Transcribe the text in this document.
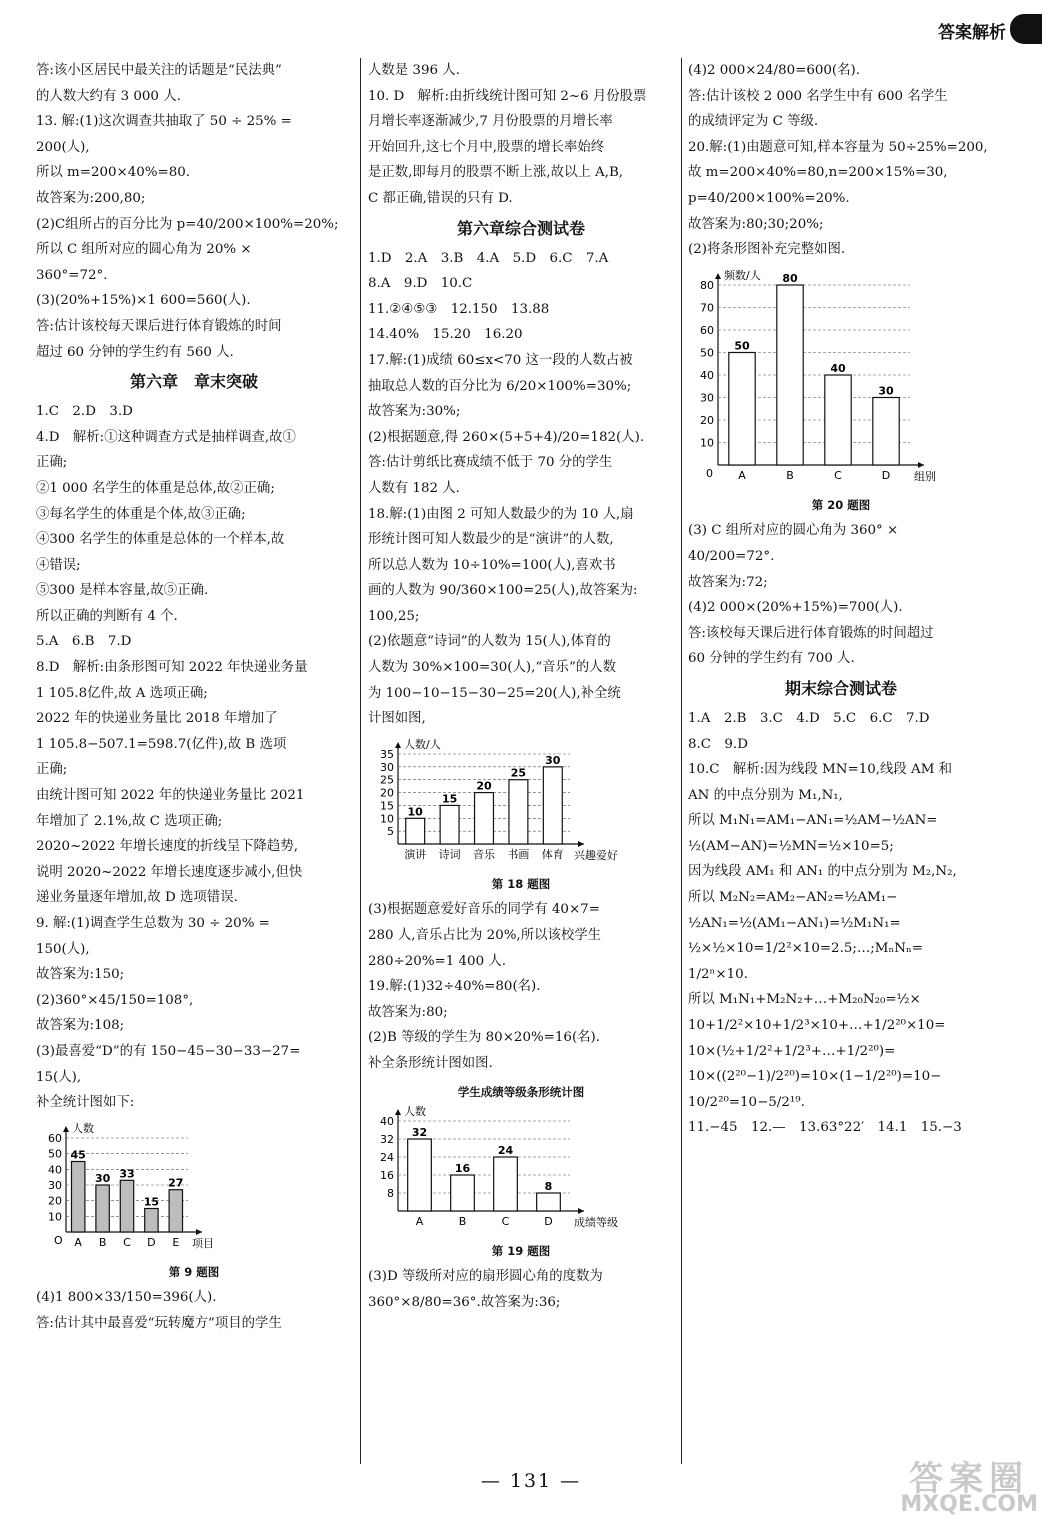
答案解析
答:该小区居民中最关注的话题是“民法典”
的人数大约有 3 000 人.
13. 解:(1)这次调查共抽取了 50 ÷ 25% =
200(人),
所以 m=200×40%=80.
故答案为:200,80;
(2)C组所占的百分比为 p=40/200×100%=20%;
所以 C 组所对应的圆心角为 20% ×
360°=72°.
(3)(20%+15%)×1 600=560(人).
答:估计该校每天课后进行体育锻炼的时间
超过 60 分钟的学生约有 560 人.
第六章　章末突破
1.C　2.D　3.D
4.D　解析:①这种调查方式是抽样调查,故①
正确;
②1 000 名学生的体重是总体,故②正确;
③每名学生的体重是个体,故③正确;
④300 名学生的体重是总体的一个样本,故
④错误;
⑤300 是样本容量,故⑤正确.
所以正确的判断有 4 个.
5.A　6.B　7.D
8.D　解析:由条形图可知 2022 年快递业务量
1 105.8亿件,故 A 选项正确;
2022 年的快递业务量比 2018 年增加了
1 105.8−507.1=598.7(亿件),故 B 选项
正确;
由统计图可知 2022 年的快递业务量比 2021
年增加了 2.1%,故 C 选项正确;
2020~2022 年增长速度的折线呈下降趋势,
说明 2020~2022 年增长速度逐步减小,但快
递业务量逐年增加,故 D 选项错误.
9. 解:(1)调查学生总数为 30 ÷ 20% =
150(人),
故答案为:150;
(2)360°×45/150=108°,
故答案为:108;
(3)最喜爱“D”的有 150−45−30−33−27=
15(人),
补全统计图如下:
人数
项目
O
10
20
30
40
50
60
45
A
30
B
33
C
15
D
27
E
第 9 题图
(4)1 800×33/150=396(人).
答:估计其中最喜爱“玩转魔方”项目的学生
人数是 396 人.
10. D　解析:由折线统计图可知 2~6 月份股票
月增长率逐渐减少,7 月份股票的月增长率
开始回升,这七个月中,股票的增长率始终
是正数,即每月的股票不断上涨,故以上 A,B,
C 都正确,错误的只有 D.
第六章综合测试卷
1.D　2.A　3.B　4.A　5.D　6.C　7.A
8.A　9.D　10.C
11.②④⑤③　12.150　13.88
14.40%　15.20　16.20
17.解:(1)成绩 60≤x<70 这一段的人数占被
抽取总人数的百分比为 6/20×100%=30%;
故答案为:30%;
(2)根据题意,得 260×(5+5+4)/20=182(人).
答:估计剪纸比赛成绩不低于 70 分的学生
人数有 182 人.
18.解:(1)由图 2 可知人数最少的为 10 人,扇
形统计图可知人数最少的是“演讲”的人数,
所以总人数为 10÷10%=100(人),喜欢书
画的人数为 90/360×100=25(人),故答案为:
100,25;
(2)依题意“诗词”的人数为 15(人),体育的
人数为 30%×100=30(人),“音乐”的人数
为 100−10−15−30−25=20(人),补全统
计图如图,
人数/人
兴趣爱好
5
10
15
20
25
30
35
10
演讲
15
诗词
20
音乐
25
书画
30
体育
第 18 题图
(3)根据题意爱好音乐的同学有 40×7=
280 人,音乐占比为 20%,所以该校学生
280÷20%=1 400 人.
19.解:(1)32÷40%=80(名).
故答案为:80;
(2)B 等级的学生为 80×20%=16(名).
补全条形统计图如图.
学生成绩等级条形统计图
人数
成绩等级
8
16
24
32
40
32
A
16
B
24
C
8
D
第 19 题图
(3)D 等级所对应的扇形圆心角的度数为
360°×8/80=36°.故答案为:36;
(4)2 000×24/80=600(名).
答:估计该校 2 000 名学生中有 600 名学生
的成绩评定为 C 等级.
20.解:(1)由题意可知,样本容量为 50÷25%=200,
故 m=200×40%=80,n=200×15%=30,
p=40/200×100%=20%.
故答案为:80;30;20%;
(2)将条形图补充完整如图.
频数/人
组别
0
10
20
30
40
50
60
70
80
50
A
80
B
40
C
30
D
第 20 题图
(3) C 组所对应的圆心角为 360° ×
40/200=72°.
故答案为:72;
(4)2 000×(20%+15%)=700(人).
答:该校每天课后进行体育锻炼的时间超过
60 分钟的学生约有 700 人.
期末综合测试卷
1.A　2.B　3.C　4.D　5.C　6.C　7.D
8.C　9.D
10.C　解析:因为线段 MN=10,线段 AM 和
AN 的中点分别为 M₁,N₁,
所以 M₁N₁=AM₁−AN₁=½AM−½AN=
½(AM−AN)=½MN=½×10=5;
因为线段 AM₁ 和 AN₁ 的中点分别为 M₂,N₂,
所以 M₂N₂=AM₂−AN₂=½AM₁−
½AN₁=½(AM₁−AN₁)=½M₁N₁=
½×½×10=1/2²×10=2.5;…;MₙNₙ=
1/2ⁿ×10.
所以 M₁N₁+M₂N₂+…+M₂₀N₂₀=½×
10+1/2²×10+1/2³×10+…+1/2²⁰×10=
10×(½+1/2²+1/2³+…+1/2²⁰)=
10×((2²⁰−1)/2²⁰)=10×(1−1/2²⁰)=10−
10/2²⁰=10−5/2¹⁹.
11.−45　12.—　13.63°22′　14.1　15.−3
— 131 —	答案圈
MXQE.COM
